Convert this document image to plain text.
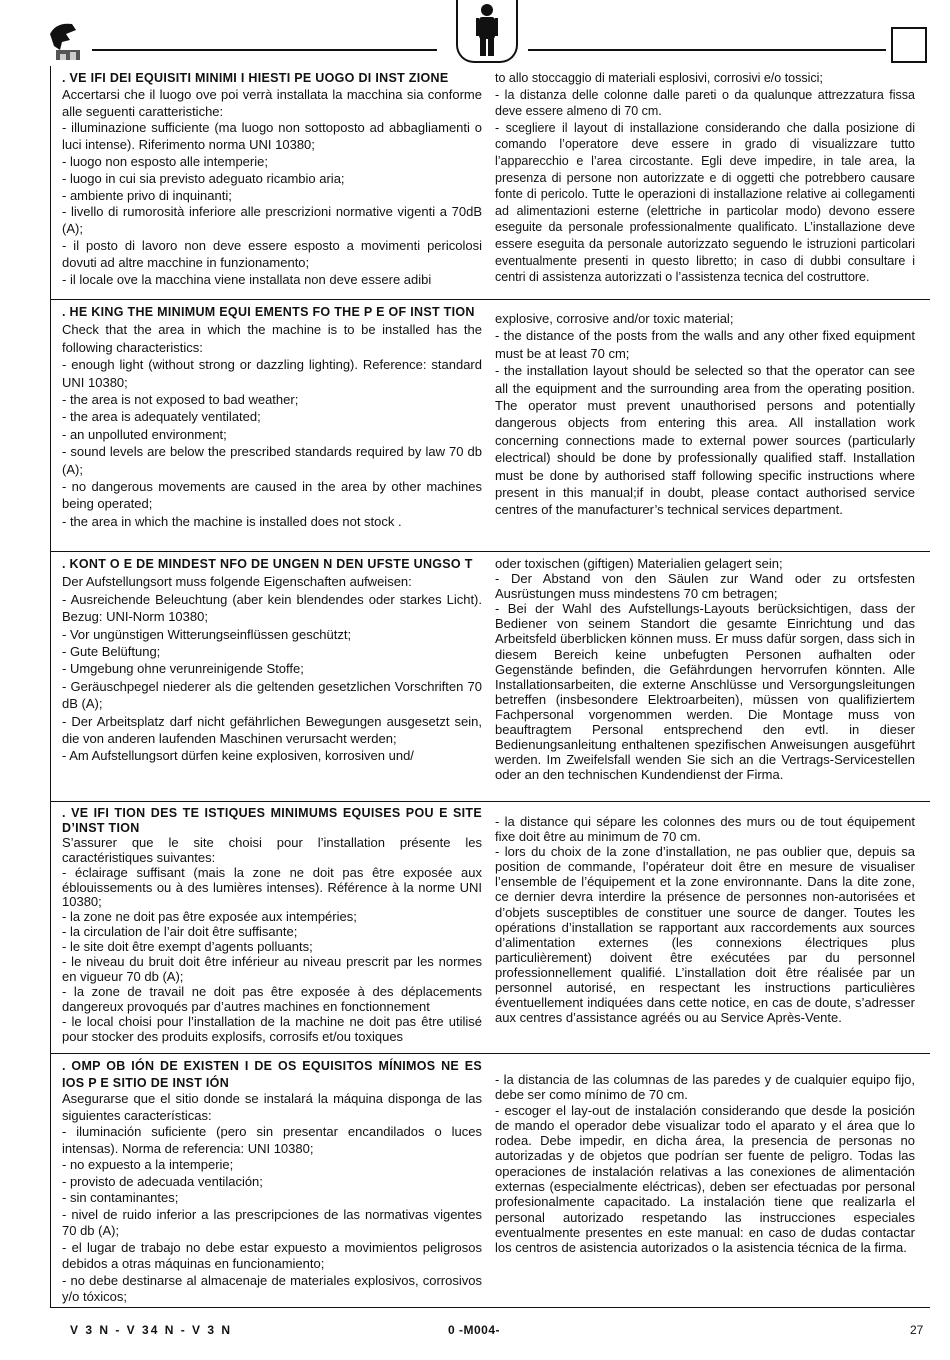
. VE IFI DEI EQUISITI MINIMI I HIESTI PE UOGO DI INST ZIONE

Accertarsi che il luogo ove poi verrà installata la macchina sia conforme alle seguenti caratteristiche:

- illuminazione sufficiente (ma luogo non sottoposto ad abbagliamenti o luci intense). Riferimento norma UNI 10380;

- luogo non esposto alle intemperie;

- luogo in cui sia previsto adeguato ricambio aria;

- ambiente privo di inquinanti;

- livello di rumorosità inferiore alle prescrizioni normative vigenti a 70dB (A);

- il posto di lavoro non deve essere esposto a movimenti pericolosi dovuti ad altre macchine in funzionamento;

- il locale ove la macchina viene installata non deve essere adibi

to allo stoccaggio di materiali esplosivi, corrosivi e/o tossici;

- la distanza delle colonne dalle pareti o da qualunque attrezzatura fissa deve essere almeno di 70 cm.

- scegliere il layout di installazione considerando che dalla posizione di comando l’operatore deve essere in grado di visualizzare tutto l’apparecchio e l’area circostante. Egli deve impedire, in tale area, la presenza di persone non autorizzate e di oggetti che potrebbero causare fonte di pericolo. Tutte le operazioni di installazione relative ai collegamenti ad alimentazioni esterne (elettriche in particolar modo) devono essere eseguite da personale professionalmente qualificato. L’installazione deve essere eseguita da personale autorizzato seguendo le istruzioni particolari eventualmente presenti in questo libretto; in caso di dubbi consultare i centri di assistenza autorizzati o l’assistenza tecnica del costruttore.

. HE KING THE MINIMUM EQUI EMENTS FO THE P E OF INST TION

Check that the area in which the machine is to be installed has the following characteristics:

- enough light (without strong or dazzling lighting). Reference: standard UNI 10380;

- the area is not exposed to bad weather;

- the area is adequately ventilated;

- an unpolluted environment;

- sound levels are below the prescribed standards required by law 70 db (A);

- no dangerous movements are caused in the area by other machines being operated;

- the area in which the machine is installed does not stock .

explosive, corrosive and/or toxic material;

- the distance of the posts from the walls and any other fixed equipment must be at least 70 cm;

- the installation layout should be selected so that the operator can see all the equipment and the surrounding area from the operating position. The operator must prevent unauthorised persons and potentially dangerous objects from entering this area. All installation work concerning connections made to external power sources (particularly electrical) should be done by professionally qualified staff. Installation must be done by authorised staff following specific instructions where present in this manual;if in doubt, please contact authorised service centres of the manufacturer’s technical services department.

. KONT O E DE MINDEST NFO DE UNGEN N DEN UFSTE UNGSO T

Der Aufstellungsort muss folgende Eigenschaften aufweisen:

- Ausreichende Beleuchtung (aber kein blendendes oder starkes Licht). Bezug: UNI-Norm 10380;

- Vor ungünstigen Witterungseinflüssen geschützt;

- Gute Belüftung;

- Umgebung ohne verunreinigende Stoffe;

- Geräuschpegel niederer als die geltenden gesetzlichen Vorschriften 70 dB (A);

- Der Arbeitsplatz darf nicht gefährlichen Bewegungen ausgesetzt sein, die von anderen laufenden Maschinen verursacht werden;

- Am Aufstellungsort dürfen keine explosiven, korrosiven und/

oder toxischen (giftigen) Materialien gelagert sein;

- Der Abstand von den Säulen zur Wand oder zu ortsfesten Ausrüstungen muss mindestens 70 cm betragen;

- Bei der Wahl des Aufstellungs-Layouts berücksichtigen, dass der Bediener von seinem Standort die gesamte Einrichtung und das Arbeitsfeld überblicken können muss. Er muss dafür sorgen, dass sich in diesem Bereich keine unbefugten Personen aufhalten oder Gegenstände befinden, die Gefährdungen hervorrufen könnten. Alle Installationsarbeiten, die externe Anschlüsse und Versorgungsleitungen betreffen (insbesondere Elektroarbeiten), müssen von qualifiziertem Fachpersonal vorgenommen werden. Die Montage muss von beauftragtem Personal entsprechend den evtl. in dieser Bedienungsanleitung enthaltenen spezifischen Anweisungen ausgeführt werden. Im Zweifelsfall wenden Sie sich an die Vertrags-Servicestellen oder an den technischen Kundendienst der Firma.

. VE IFI TION DES TE ISTIQUES MINIMUMS EQUISES POU E SITE D’INST TION

S’assurer que le site choisi pour l’installation présente les caractéristiques suivantes:

- éclairage suffisant (mais la zone ne doit pas être exposée aux éblouissements ou à des lumières intenses). Référence à la norme UNI 10380;

- la zone ne doit pas être exposée aux intempéries;

- la circulation de l’air doit être suffisante;

- le site doit être exempt d’agents polluants;

- le niveau du bruit doit être inférieur au niveau prescrit par les normes en vigueur 70 db (A);

- la zone de travail ne doit pas être exposée à des déplacements dangereux provoqués par d’autres machines en fonctionnement

- le local choisi pour l’installation de la machine ne doit pas être utilisé pour stocker des produits explosifs, corrosifs et/ou toxiques

- la distance qui sépare les colonnes des murs ou de tout équipement fixe doit être au minimum de 70 cm.

- lors du choix de la zone d’installation, ne pas oublier que, depuis sa position de commande, l’opérateur doit être en mesure de visualiser l’ensemble de l’équipement et la zone environnante. Dans la dite zone, ce dernier devra interdire la présence de personnes non-autorisées et d’objets susceptibles de constituer une source de danger. Toutes les opérations d’installation se rapportant aux raccordements aux sources d’alimentation externes (les connexions électriques plus particulièrement) doivent être exécutées par du personnel professionnellement qualifié. L’installation doit être réalisée par un personnel autorisé, en respectant les instructions particulières éventuellement indiquées dans cette notice, en cas de doute, s’adresser aux centres d’assistance agréés ou au Service Après-Vente.

. OMP OB IÓN DE EXISTEN I DE OS EQUISITOS MÍNIMOS NE ES IOS P E SITIO DE INST IÓN

Asegurarse que el sitio donde se instalará la máquina disponga de las siguientes características:

- iluminación suficiente (pero sin presentar encandilados o luces intensas). Norma de referencia: UNI 10380;

- no expuesto a la intemperie;

- provisto de adecuada ventilación;

- sin contaminantes;

- nivel de ruido inferior a las prescripciones de las normativas vigentes 70 db (A);

- el lugar de trabajo no debe estar expuesto a movimientos peligrosos debidos a otras máquinas en funcionamiento;

- no debe destinarse al almacenaje de materiales explosivos, corrosivos y/o tóxicos;

- la distancia de las columnas de las paredes y de cualquier equipo fijo, debe ser como mínimo de 70 cm.

- escoger el lay-out de instalación considerando que desde la posición de mando el operador debe visualizar todo el aparato y el área que lo rodea. Debe impedir, en dicha área, la presencia de personas no autorizadas y de objetos que podrían ser fuente de peligro. Todas las operaciones de instalación relativas a las conexiones de alimentación externas (especialmente eléctricas), deben ser efectuadas por personal profesionalmente capacitado. La instalación tiene que realizarla el personal autorizado respetando las instrucciones especiales eventualmente presentes en este manual: en caso de dudas contactar los centros de asistencia autorizados o la asistencia técnica de la firma.

V 3 N - V 34 N - V 3 N	0 -M004-	27
